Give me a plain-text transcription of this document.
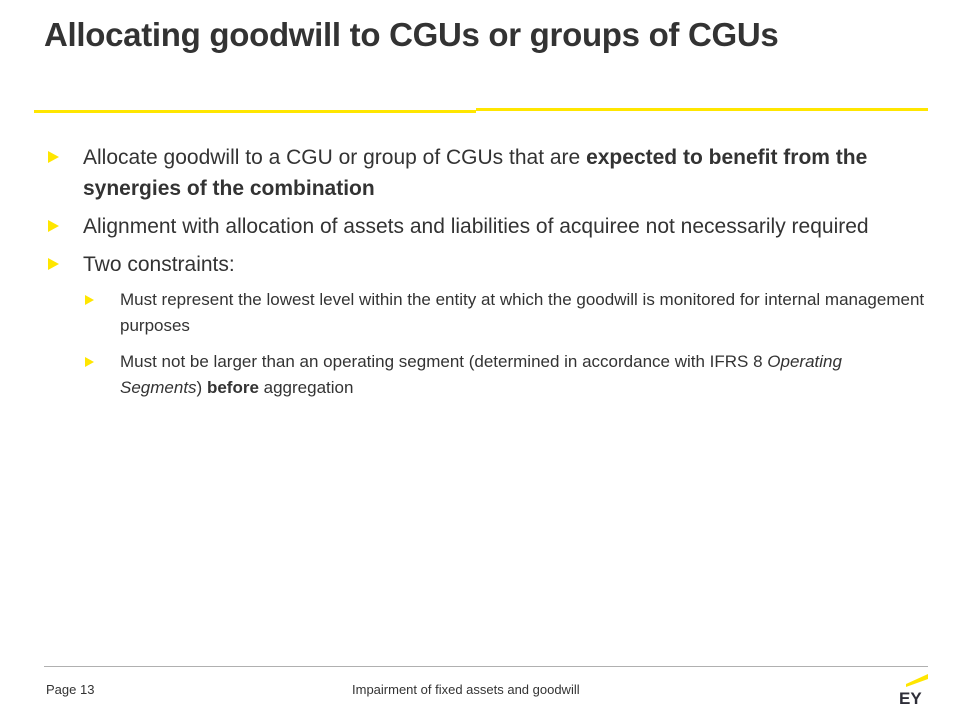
Allocating goodwill to CGUs or groups of CGUs
Allocate goodwill to a CGU or group of CGUs that are expected to benefit from the synergies of the combination
Alignment with allocation of assets and liabilities of acquiree not necessarily required
Two constraints:
Must represent the lowest level within the entity at which the goodwill is monitored for internal management purposes
Must not be larger than an operating segment (determined in accordance with IFRS 8 Operating Segments) before aggregation
Page 13	Impairment of fixed assets and goodwill	EY
